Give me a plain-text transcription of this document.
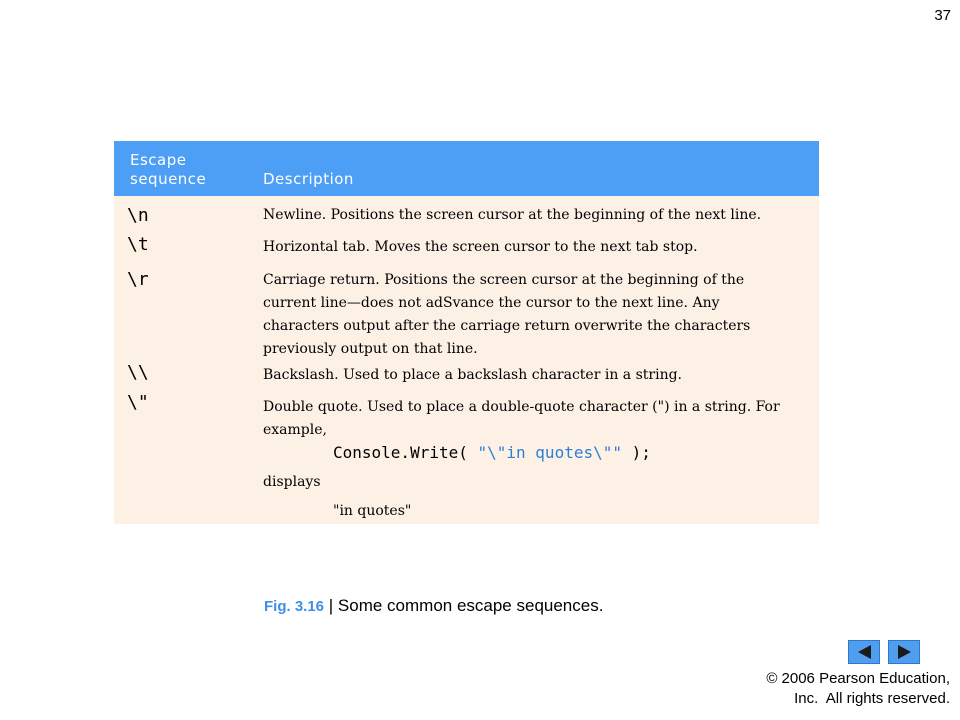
37
Escape
sequence	Description
\n	Newline. Positions the screen cursor at the beginning of the next line.
\t	Horizontal tab. Moves the screen cursor to the next tab stop.
\r	Carriage return. Positions the screen cursor at the beginning of the
current line—does not adSvance the cursor to the next line. Any
characters output after the carriage return overwrite the characters
previously output on that line.
\\	Backslash. Used to place a backslash character in a string.
\"	Double quote. Used to place a double-quote character (") in a string. For
example,
Console.Write( "\"in quotes\"" );
displays
"in quotes"
Fig. 3.16 | Some common escape sequences.
© 2006 Pearson Education,
Inc.  All rights reserved.
